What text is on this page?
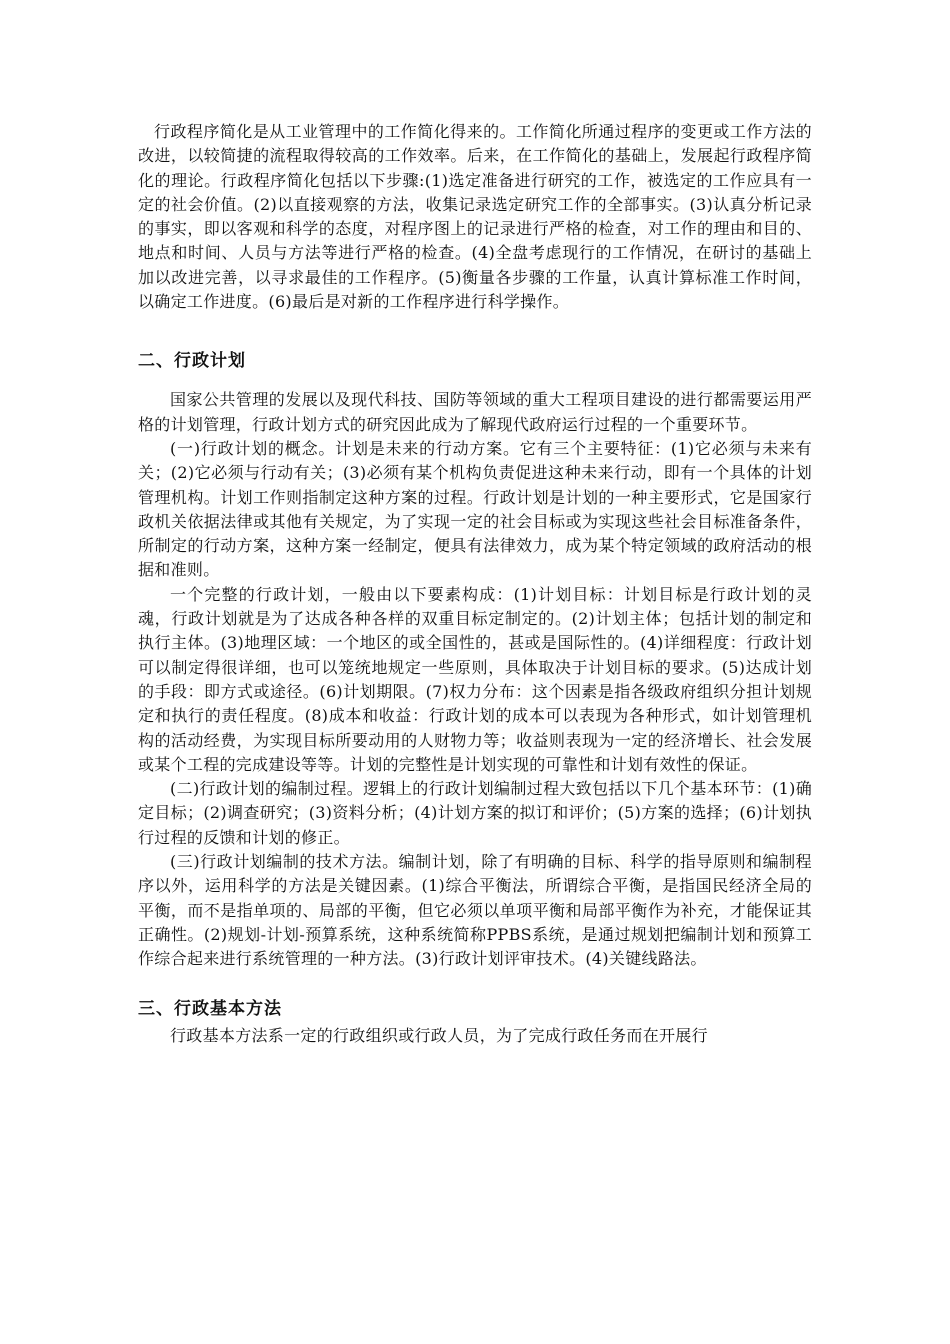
行政程序简化是从工业管理中的工作简化得来的。工作简化所通过程序的变更或工作方法的改进，以较简捷的流程取得较高的工作效率。后来，在工作简化的基础上，发展起行政程序简化的理论。行政程序简化包括以下步骤:(1)选定准备进行研究的工作，被选定的工作应具有一定的社会价值。(2)以直接观察的方法，收集记录选定研究工作的全部事实。(3)认真分析记录的事实，即以客观和科学的态度，对程序图上的记录进行严格的检查，对工作的理由和目的、地点和时间、人员与方法等进行严格的检查。(4)全盘考虑现行的工作情况，在研讨的基础上加以改进完善，以寻求最佳的工作程序。(5)衡量各步骤的工作量，认真计算标准工作时间，以确定工作进度。(6)最后是对新的工作程序进行科学操作。

二、行政计划

国家公共管理的发展以及现代科技、国防等领域的重大工程项目建设的进行都需要运用严格的计划管理，行政计划方式的研究因此成为了解现代政府运行过程的一个重要环节。

(一)行政计划的概念。计划是未来的行动方案。它有三个主要特征：(1)它必须与未来有关；(2)它必须与行动有关；(3)必须有某个机构负责促进这种未来行动，即有一个具体的计划管理机构。计划工作则指制定这种方案的过程。行政计划是计划的一种主要形式，它是国家行政机关依据法律或其他有关规定，为了实现一定的社会目标或为实现这些社会目标准备条件，所制定的行动方案，这种方案一经制定，便具有法律效力，成为某个特定领域的政府活动的根据和准则。

一个完整的行政计划，一般由以下要素构成：(1)计划目标：计划目标是行政计划的灵魂，行政计划就是为了达成各种各样的双重目标定制定的。(2)计划主体；包括计划的制定和执行主体。(3)地理区域：一个地区的或全国性的，甚或是国际性的。(4)详细程度：行政计划可以制定得很详细，也可以笼统地规定一些原则，具体取决于计划目标的要求。(5)达成计划的手段：即方式或途径。(6)计划期限。(7)权力分布：这个因素是指各级政府组织分担计划规定和执行的责任程度。(8)成本和收益：行政计划的成本可以表现为各种形式，如计划管理机构的活动经费，为实现目标所要动用的人财物力等；收益则表现为一定的经济增长、社会发展或某个工程的完成建设等等。计划的完整性是计划实现的可靠性和计划有效性的保证。

(二)行政计划的编制过程。逻辑上的行政计划编制过程大致包括以下几个基本环节：(1)确定目标；(2)调查研究；(3)资料分析；(4)计划方案的拟订和评价；(5)方案的选择；(6)计划执行过程的反馈和计划的修正。

(三)行政计划编制的技术方法。编制计划，除了有明确的目标、科学的指导原则和编制程序以外，运用科学的方法是关键因素。(1)综合平衡法，所谓综合平衡，是指国民经济全局的平衡，而不是指单项的、局部的平衡，但它必须以单项平衡和局部平衡作为补充，才能保证其正确性。(2)规划-计划-预算系统，这种系统简称PPBS系统，是通过规划把编制计划和预算工作综合起来进行系统管理的一种方法。(3)行政计划评审技术。(4)关键线路法。

三、行政基本方法

行政基本方法系一定的行政组织或行政人员，为了完成行政任务而在开展行
